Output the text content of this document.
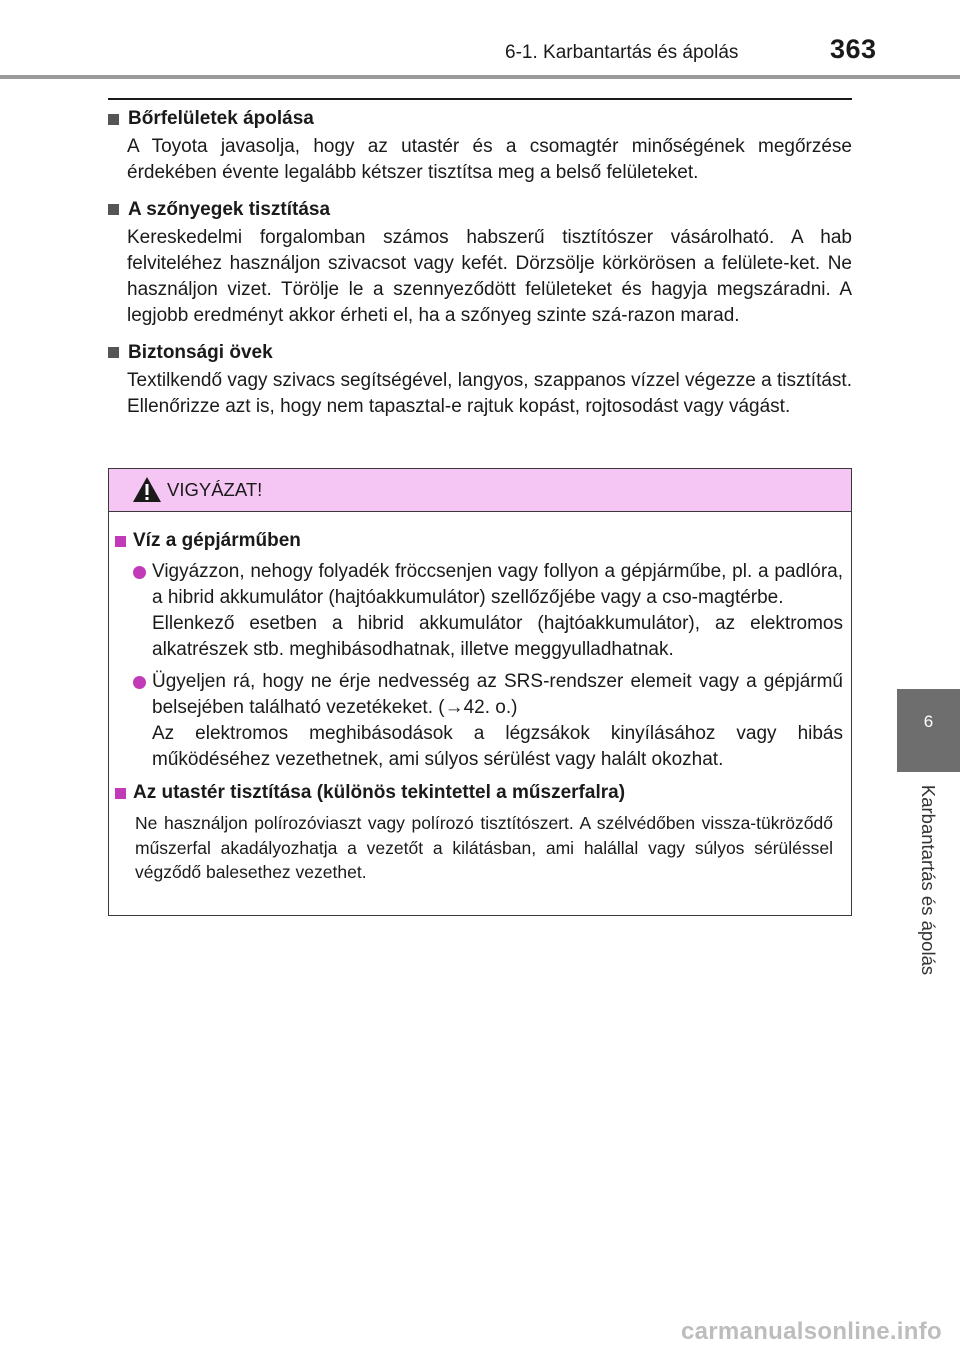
6-1. Karbantartás és ápolás	363
6
Karbantartás és ápolás
Bőrfelületek ápolása
A Toyota javasolja, hogy az utastér és a csomagtér minőségének megőrzése érdekében évente legalább kétszer tisztítsa meg a belső felületeket.
A szőnyegek tisztítása
Kereskedelmi forgalomban számos habszerű tisztítószer vásárolható. A hab felviteléhez használjon szivacsot vagy kefét. Dörzsölje körkörösen a felülete-ket. Ne használjon vizet. Törölje le a szennyeződött felületeket és hagyja megszáradni. A legjobb eredményt akkor érheti el, ha a szőnyeg szinte szá-razon marad.
Biztonsági övek
Textilkendő vagy szivacs segítségével, langyos, szappanos vízzel végezze a tisztítást. Ellenőrizze azt is, hogy nem tapasztal-e rajtuk kopást, rojtosodást vagy vágást.
VIGYÁZAT!
Víz a gépjárműben
Vigyázzon, nehogy folyadék fröccsenjen vagy follyon a gépjárműbe, pl. a padlóra, a hibrid akkumulátor (hajtóakkumulátor) szellőzőjébe vagy a cso-magtérbe.
Ellenkező esetben a hibrid akkumulátor (hajtóakkumulátor), az elektromos alkatrészek stb. meghibásodhatnak, illetve meggyulladhatnak.
Ügyeljen rá, hogy ne érje nedvesség az SRS-rendszer elemeit vagy a gépjármű belsejében található vezetékeket. (→42. o.)
Az elektromos meghibásodások a légzsákok kinyílásához vagy hibás működéséhez vezethetnek, ami súlyos sérülést vagy halált okozhat.
Az utastér tisztítása (különös tekintettel a műszerfalra)
Ne használjon polírozóviaszt vagy polírozó tisztítószert. A szélvédőben vissza-tükröződő műszerfal akadályozhatja a vezetőt a kilátásban, ami halállal vagy súlyos sérüléssel végződő balesethez vezethet.
carmanualsonline.info
